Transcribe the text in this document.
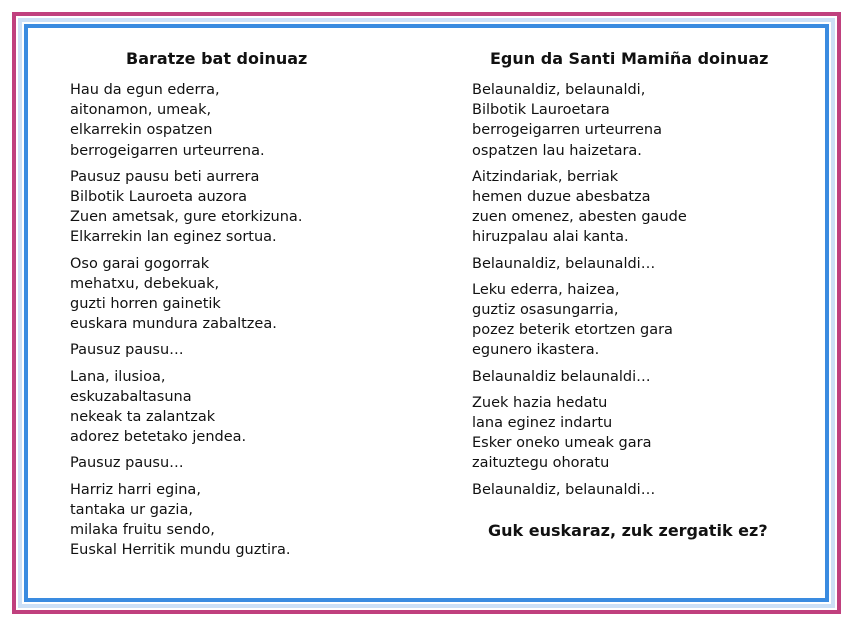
Baratze bat doinuaz
Hau da egun ederra,
aitonamon, umeak,
elkarrekin ospatzen
berrogeigarren urteurrena.
Pausuz pausu beti aurrera
Bilbotik Lauroeta auzora
Zuen ametsak, gure etorkizuna.
Elkarrekin lan eginez sortua.
Oso garai gogorrak
mehatxu, debekuak,
guzti horren gainetik
euskara mundura zabaltzea.
Pausuz pausu…
Lana, ilusioa,
eskuzabaltasuna
nekeak ta zalantzak
adorez betetako jendea.
Pausuz pausu…
Harriz harri egina,
tantaka ur gazia,
milaka fruitu sendo,
Euskal Herritik mundu guztira.
Egun da Santi Mamiña doinuaz
Belaunaldiz, belaunaldi,
Bilbotik Lauroetara
berrogeigarren urteurrena
ospatzen lau haizetara.
Aitzindariak, berriak
hemen duzue abesbatza
zuen omenez, abesten gaude
hiruzpalau alai kanta.
Belaunaldiz, belaunaldi…
Leku ederra, haizea,
guztiz osasungarria,
pozez beterik etortzen gara
egunero ikastera.
Belaunaldiz belaunaldi…
Zuek hazia hedatu
lana eginez indartu
Esker oneko umeak gara
zaituztegu ohoratu
Belaunaldiz, belaunaldi…
Guk euskaraz, zuk zergatik ez?
